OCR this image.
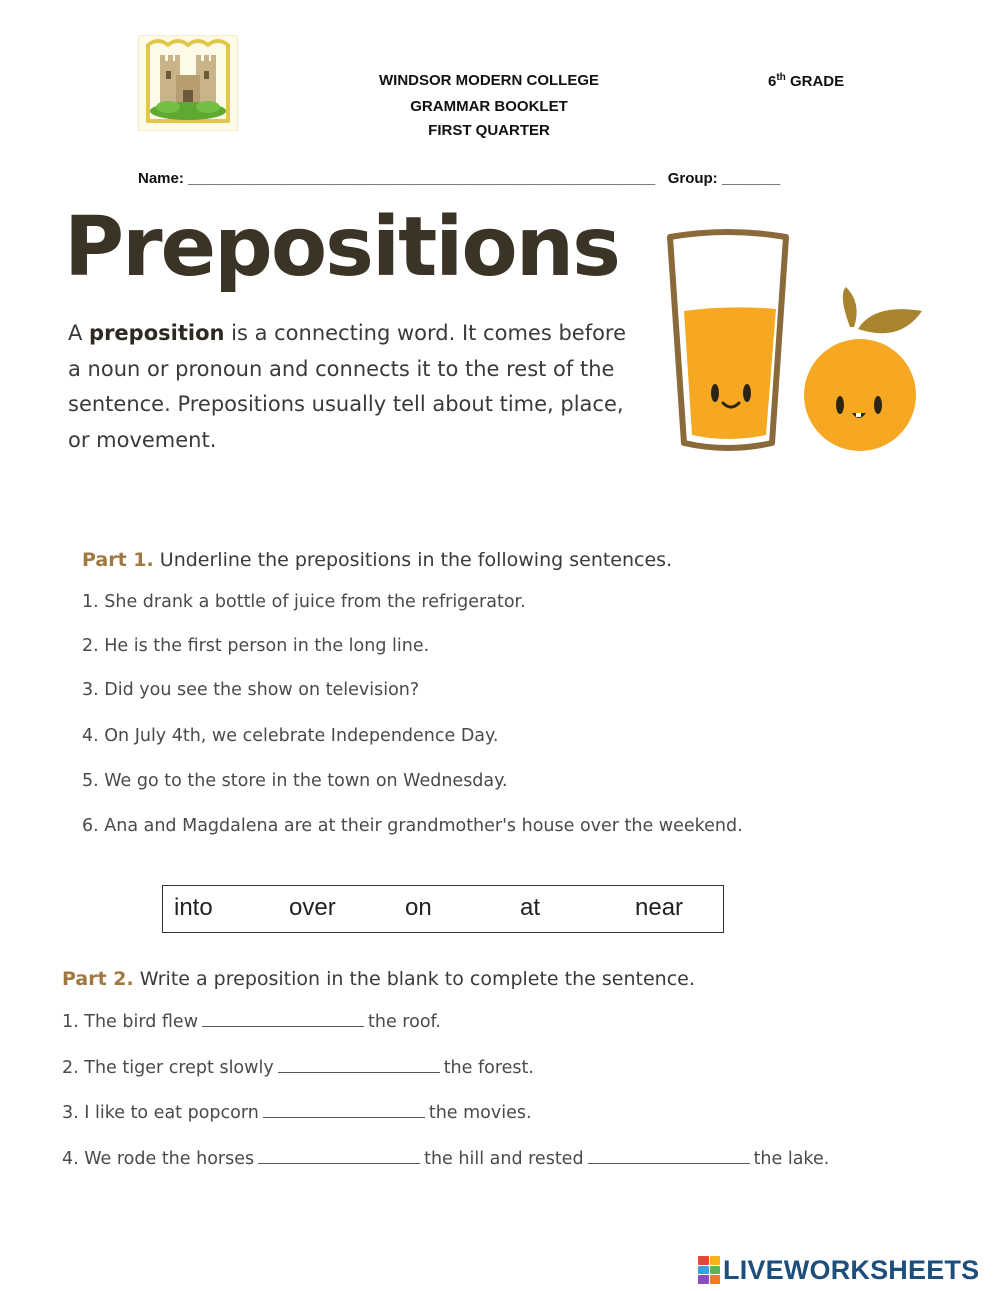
WINDSOR MODERN COLLEGE
GRAMMAR BOOKLET
FIRST QUARTER
6th GRADE
Name: ________________________________________________________   Group: _______
Prepositions
A preposition is a connecting word. It comes before a noun or pronoun and connects it to the rest of the sentence. Prepositions usually tell about time, place, or movement.
Part 1. Underline the prepositions in the following sentences.
1. She drank a bottle of juice from the refrigerator.
2. He is the first person in the long line.
3. Did you see the show on television?
4. On July 4th, we celebrate Independence Day.
5. We go to the store in the town on Wednesday.
6. Ana and Magdalena are at their grandmother's house over the weekend.
into	over	on	at	near
Part 2. Write a preposition in the blank to complete the sentence.
1. The bird flew	the roof.
2. The tiger crept slowly	the forest.
3. I like to eat popcorn	the movies.
4. We rode the horses	the hill and rested	the lake.
LIVEWORKSHEETS
